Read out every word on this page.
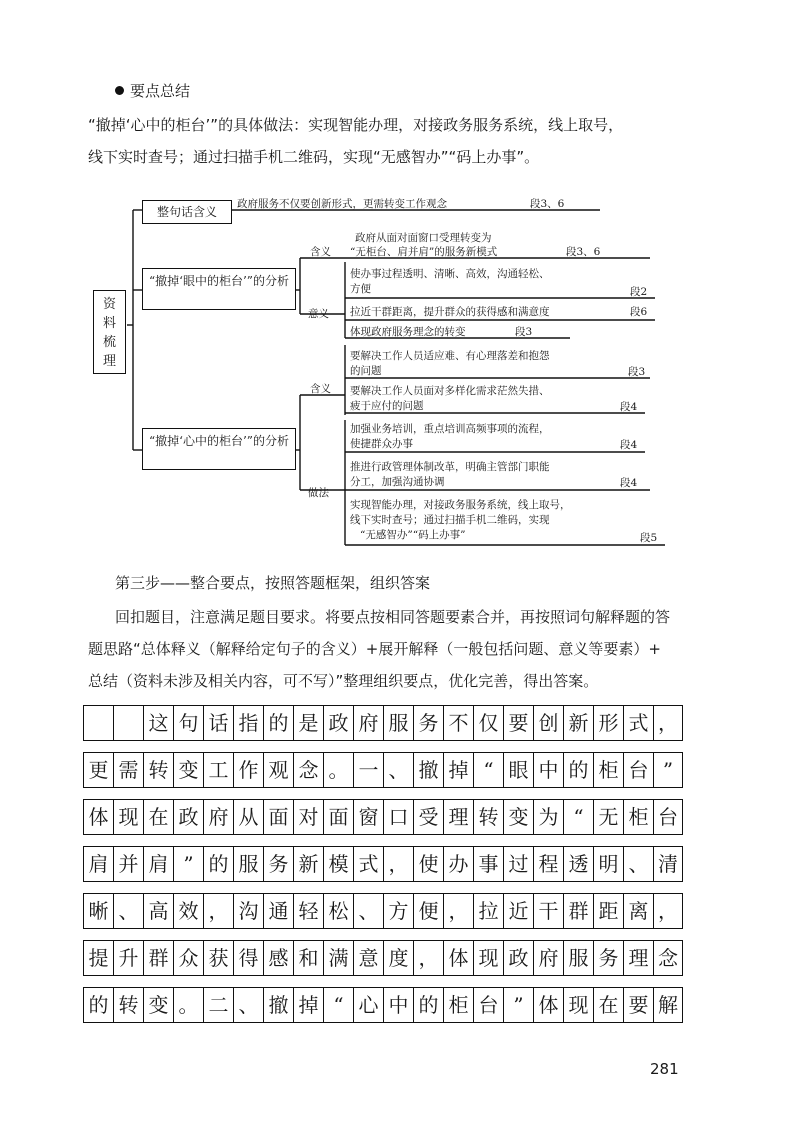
要点总结
“撤掉‘心中的柜台’”的具体做法：实现智能办理，对接政务服务系统，线上取号，
线下实时查号；通过扫描手机二维码，实现“无感智办”“码上办事”。
资料梳理
整句话含义
政府服务不仅要创新形式，更需转变工作观念	段3、6
“撤掉‘眼中的柜台’”的分析
含义
政府从面对面窗口受理转变为
“无柜台、肩并肩”的服务新模式	段3、6
意义
使办事过程透明、清晰、高效，沟通轻松、
方便	段2
拉近干群距离，提升群众的获得感和满意度	段6
体现政府服务理念的转变	段3
“撤掉‘心中的柜台’”的分析
含义
要解决工作人员适应难、有心理落差和抱怨
的问题	段3
要解决工作人员面对多样化需求茫然失措、
疲于应付的问题	段4
做法
加强业务培训，重点培训高频事项的流程，
使捷群众办事	段4
推进行政管理体制改革，明确主管部门职能
分工，加强沟通协调	段4
实现智能办理，对接政务服务系统，线上取号，
线下实时查号；通过扫描手机二维码，实现
“无感智办”“码上办事”	段5
第三步——整合要点，按照答题框架，组织答案
回扣题目，注意满足题目要求。将要点按相同答题要素合并，再按照词句解释题的答
题思路“总体释义（解释给定句子的含义）+展开解释（一般包括问题、意义等要素）+
总结（资料未涉及相关内容，可不写）”整理组织要点，优化完善，得出答案。
这 句 话 指 的 是 政 府 服 务 不 仅 要 创 新 形 式 ，
更 需 转 变 工 作 观 念 。 一 、 撤 掉 “ 眼 中 的 柜 台 ”
体 现 在 政 府 从 面 对 面 窗 口 受 理 转 变 为 “ 无 柜 台
肩 并 肩 ” 的 服 务 新 模 式 ， 使 办 事 过 程 透 明 、 清
晰 、 高 效 ， 沟 通 轻 松 、 方 便 ， 拉 近 干 群 距 离 ，
提 升 群 众 获 得 感 和 满 意 度 ， 体 现 政 府 服 务 理 念
的 转 变 。 二 、 撤 掉 “ 心 中 的 柜 台 ” 体 现 在 要 解
281
